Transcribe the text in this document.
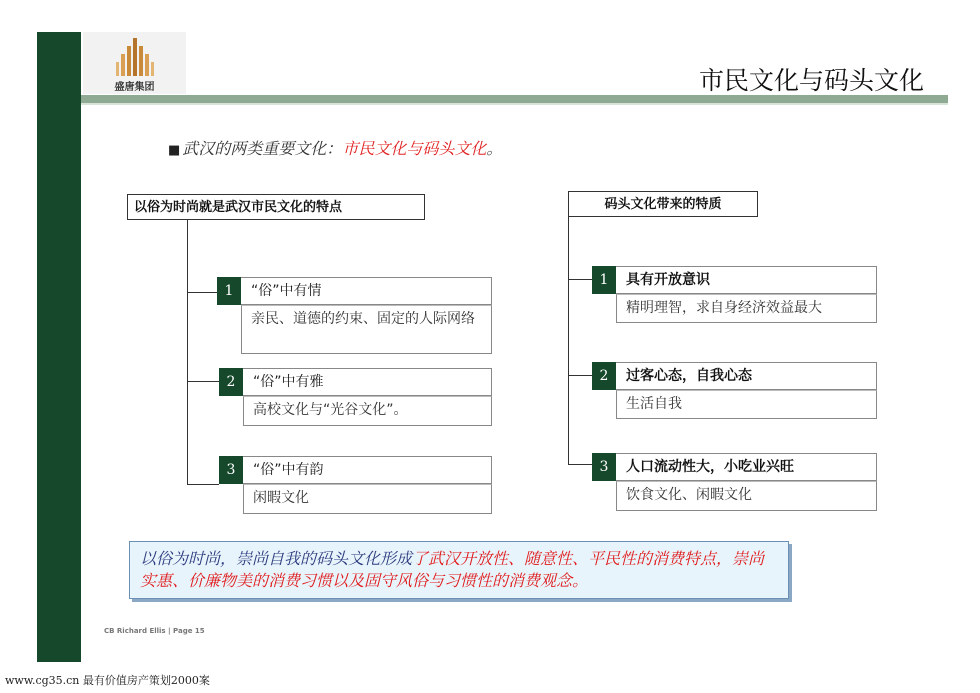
盛唐集团	市民文化与码头文化
■ 武汉的两类重要文化：市民文化与码头文化。
以俗为时尚就是武汉市民文化的特点
1	“俗”中有情
亲民、道德的约束、固定的人际网络
2	“俗”中有雅
高校文化与“光谷文化”。
3	“俗”中有韵
闲暇文化
码头文化带来的特质
1	具有开放意识
精明理智，求自身经济效益最大
2	过客心态，自我心态
生活自我
3	人口流动性大，小吃业兴旺
饮食文化、闲暇文化
以俗为时尚，崇尚自我的码头文化形成了武汉开放性、随意性、平民性的消费特点，崇尚实惠、价廉物美的消费习惯以及固守风俗与习惯性的消费观念。
CB Richard Ellis | Page 15
www.cg35.cn 最有价值房产策划2000案
